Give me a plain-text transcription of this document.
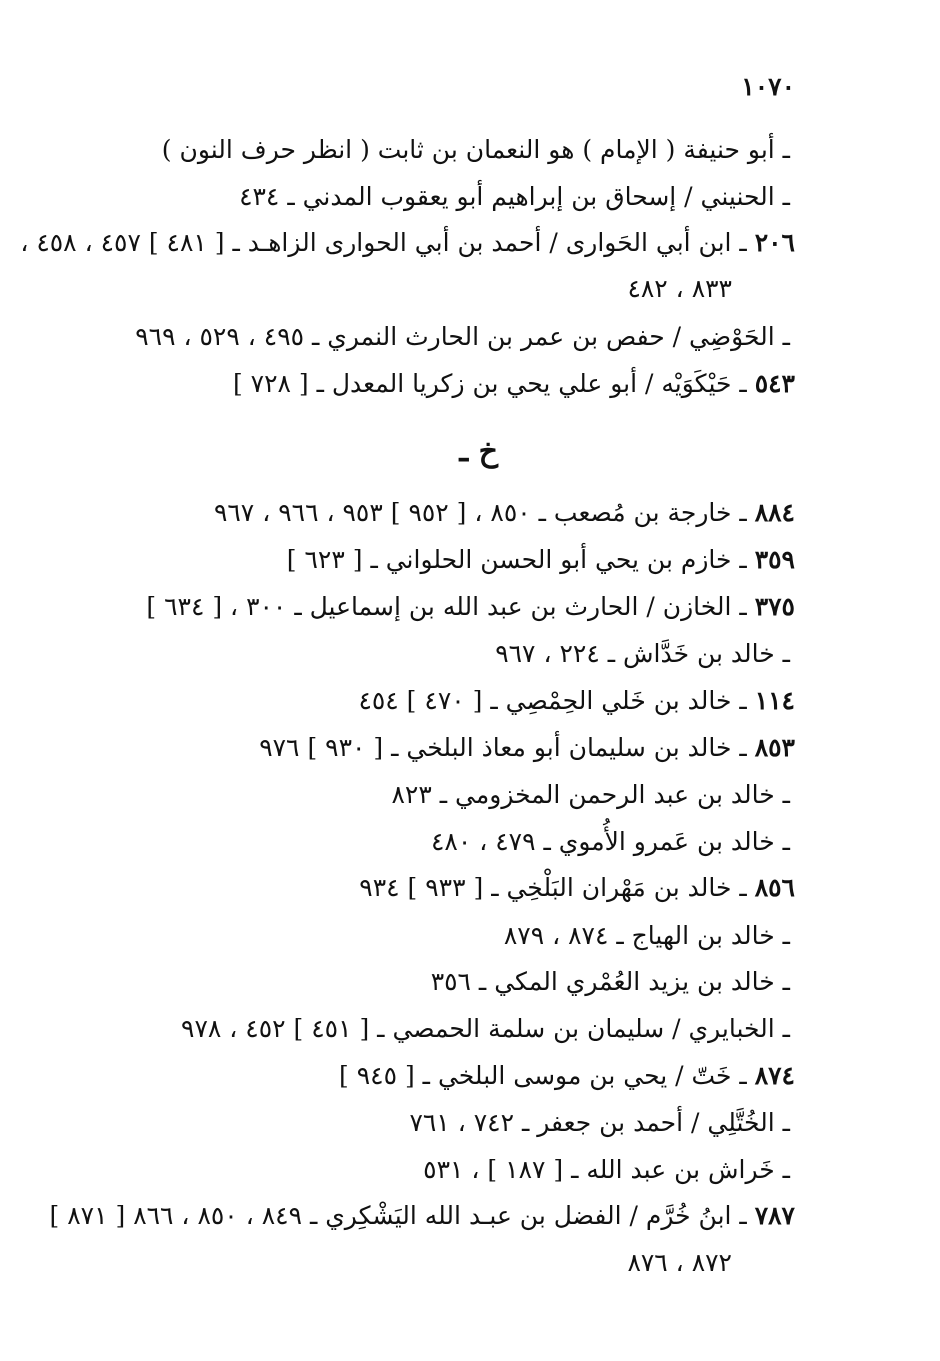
١٠٧٠
ـ أبو حنيفة ( الإمام ) هو النعمان بن ثابت ( انظر حرف النون )
ـ الحنيني / إسحاق بن إبراهيم أبو يعقوب المدني ـ ٤٣٤
٢٠٦ ـ ابن أبي الحَوارى / أحمد بن أبي الحوارى الزاهـد ـ [ ٤٨١ ] ٤٥٧ ، ٤٥٨ ،
٨٣٣ ، ٤٨٢
ـ الحَوْضِي / حفص بن عمر بن الحارث النمري ـ ٤٩٥ ، ٥٢٩ ، ٩٦٩
٥٤٣ ـ حَيْكَوَيْه / أبو علي يحي بن زكريا المعدل ـ [ ٧٢٨ ]
خ ـ
٨٨٤ ـ خارجة بن مُصعب ـ ٨٥٠ ، [ ٩٥٢ ] ٩٥٣ ، ٩٦٦ ، ٩٦٧
٣٥٩ ـ خازم بن يحي أبو الحسن الحلواني ـ [ ٦٢٣ ]
٣٧٥ ـ الخازن / الحارث بن عبد الله بن إسماعيل ـ ٣٠٠ ، [ ٦٣٤ ]
ـ خالد بن خَدَّاش ـ ٢٢٤ ، ٩٦٧
١١٤ ـ خالد بن خَلي الحِمْصِي ـ [ ٤٧٠ ] ٤٥٤
٨٥٣ ـ خالد بن سليمان أبو معاذ البلخي ـ [ ٩٣٠ ] ٩٧٦
ـ خالد بن عبد الرحمن المخزومي ـ ٨٢٣
ـ خالد بن عَمرو الأُموي ـ ٤٧٩ ، ٤٨٠
٨٥٦ ـ خالد بن مَهْران البَلْخِي ـ [ ٩٣٣ ] ٩٣٤
ـ خالد بن الهياج ـ ٨٧٤ ، ٨٧٩
ـ خالد بن يزيد العُمْري المكي ـ ٣٥٦
ـ الخبايري / سليمان بن سلمة الحمصي ـ [ ٤٥١ ] ٤٥٢ ، ٩٧٨
٨٧٤ ـ خَتّ / يحي بن موسى البلخي ـ [ ٩٤٥ ]
ـ الخُتَّلِي / أحمد بن جعفر ـ ٧٤٢ ، ٧٦١
ـ خَراش بن عبد الله ـ [ ١٨٧ ] ، ٥٣١
٧٨٧ ـ ابنُ خُرَّم / الفضل بن عبـد الله اليَشْكِري ـ ٨٤٩ ، ٨٥٠ ، ٨٦٦ [ ٨٧١ ]
٨٧٢ ، ٨٧٦
